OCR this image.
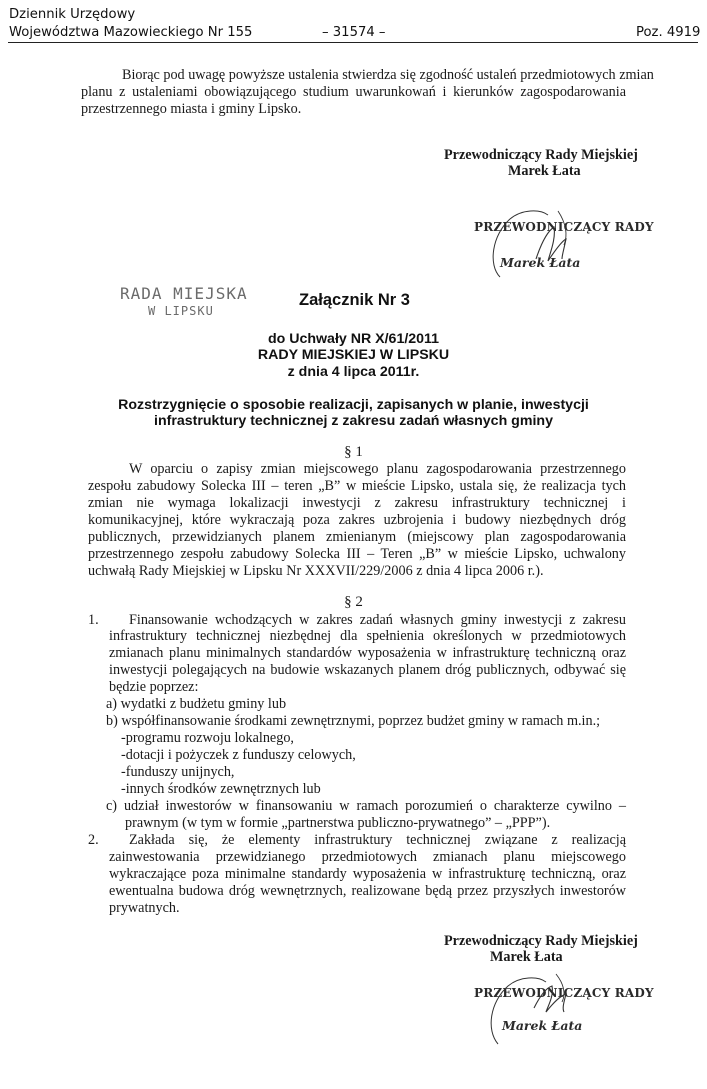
Dziennik Urzędowy

Województwa Mazowieckiego Nr 155	– 31574 –	Poz. 4919

Biorąc pod uwagę powyższe ustalenia stwierdza się zgodność ustaleń przedmiotowych zmian

planu z ustaleniami obowiązującego studium uwarunkowań i kierunków zagospodarowania

przestrzennego miasta i gminy Lipsko.

Przewodniczący Rady Miejskiej

Marek Łata

PRZEWODNICZĄCY RADY
Marek Łata
RADA MIEJSKA
W LIPSKU

Załącznik Nr 3

do Uchwały NR X/61/2011

RADY MIEJSKIEJ W LIPSKU

z dnia 4 lipca 2011r.

Rozstrzygnięcie o sposobie realizacji, zapisanych w planie, inwestycji

infrastruktury technicznej z zakresu zadań własnych gminy

§ 1

W oparciu o zapisy zmian miejscowego planu zagospodarowania przestrzennego

zespołu zabudowy Solecka III – teren „B” w mieście Lipsko, ustala się, że realizacja tych

zmian nie wymaga lokalizacji inwestycji z zakresu infrastruktury technicznej i

komunikacyjnej, które wykraczają poza zakres uzbrojenia i budowy niezbędnych dróg

publicznych, przewidzianych planem zmienianym (miejscowy plan zagospodarowania

przestrzennego zespołu zabudowy Solecka III – Teren „B” w mieście Lipsko, uchwalony

uchwałą Rady Miejskiej w Lipsku Nr XXXVII/229/2006 z dnia 4 lipca 2006 r.).

§ 2

1. Finansowanie wchodzących w zakres zadań własnych gminy inwestycji z zakresu

infrastruktury technicznej niezbędnej dla spełnienia określonych w przedmiotowych

zmianach planu minimalnych standardów wyposażenia w infrastrukturę techniczną oraz

inwestycji polegających na budowie wskazanych planem dróg publicznych, odbywać się

będzie poprzez:

a) wydatki z budżetu gminy lub

b) współfinansowanie środkami zewnętrznymi, poprzez budżet gminy w ramach m.in.;

-programu rozwoju lokalnego,

-dotacji i pożyczek z funduszy celowych,

-funduszy unijnych,

-innych środków zewnętrznych lub

c) udział inwestorów w finansowaniu w ramach porozumień o charakterze cywilno –

prawnym (w tym w formie „partnerstwa publiczno-prywatnego” – „PPP”).

2. Zakłada się, że elementy infrastruktury technicznej związane z realizacją

zainwestowania przewidzianego przedmiotowych zmianach planu miejscowego

wykraczające poza minimalne standardy wyposażenia w infrastrukturę techniczną, oraz

ewentualna budowa dróg wewnętrznych, realizowane będą przez przyszłych inwestorów

prywatnych.

Przewodniczący Rady Miejskiej

Marek Łata

PRZEWODNICZĄCY RADY
Marek Łata
